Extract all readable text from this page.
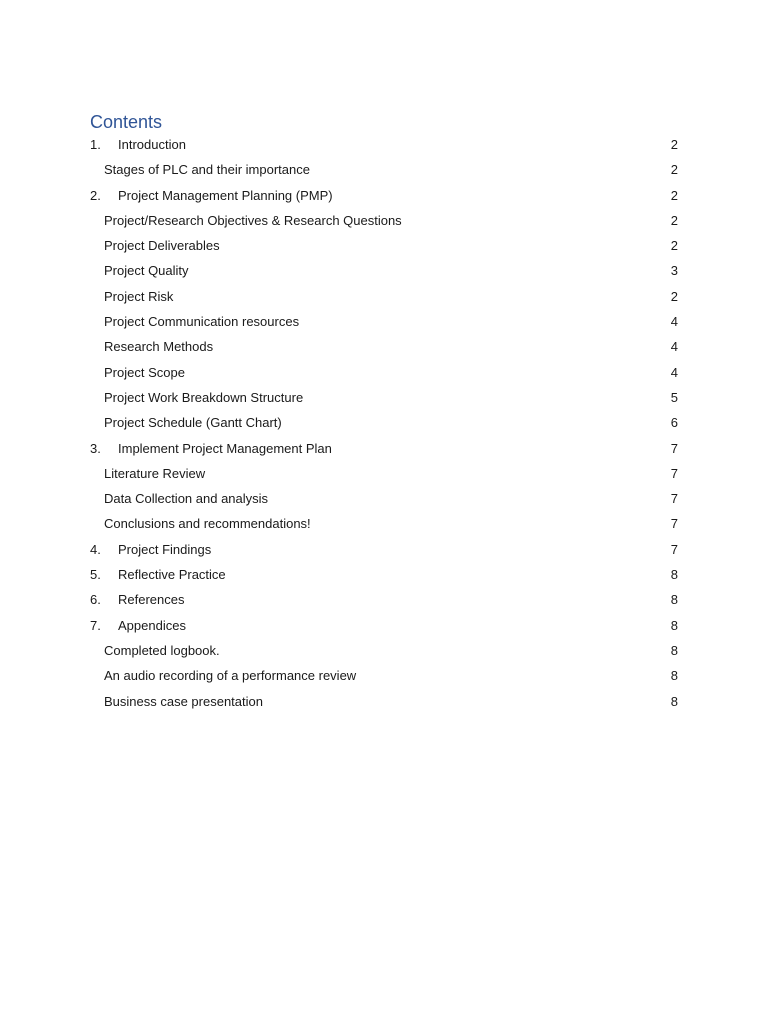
Contents
1. Introduction	2
Stages of PLC and their importance	2
2. Project Management Planning (PMP)	2
Project/Research Objectives & Research Questions	2
Project Deliverables	2
Project Quality	3
Project Risk	2
Project Communication resources	4
Research Methods	4
Project Scope	4
Project Work Breakdown Structure	5
Project Schedule (Gantt Chart)	6
3. Implement Project Management Plan	7
Literature Review	7
Data Collection and analysis	7
Conclusions and recommendations!	7
4. Project Findings	7
5. Reflective Practice	8
6. References	8
7. Appendices	8
Completed logbook.	8
An audio recording of a performance review	8
Business case presentation	8
